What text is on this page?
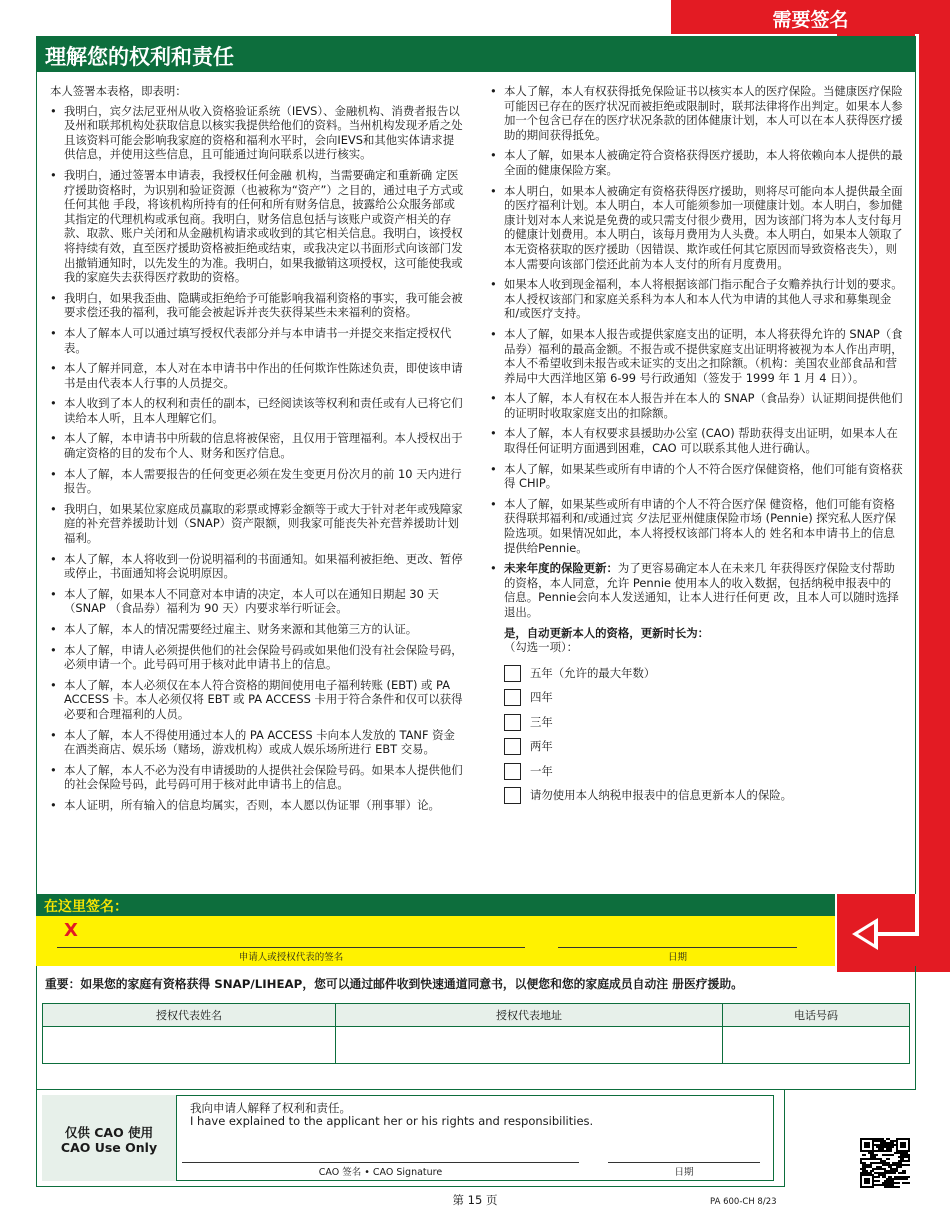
需要签名
理解您的权利和责任
本人签署本表格，即表明：
• 我明白，宾夕法尼亚州从收入资格验证系统（IEVS）、金融机构、消费者报告以及州和联邦机构处获取信息以核实我提供给他们的资料。当州机构发现矛盾之处且该资料可能会影响我家庭的资格和福利水平时，会向IEVS和其他实体请求提供信息，并使用这些信息，且可能通过询问联系以进行核实。
• 我明白，通过签署本申请表，我授权任何金融 机构，当需要确定和重新确 定医疗援助资格时，为识别和验证资源（也被称为“资产”）之目的，通过电子方式或任何其他 手段，将该机构所持有的任何和所有财务信息，披露给公众服务部或其指定的代理机构或承包商。我明白，财务信息包括与该账户或资产相关的存款、取款、账户关闭和从金融机构请求或收到的其它相关信息。我明白，该授权将持续有效，直至医疗援助资格被拒绝或结束，或我决定以书面形式向该部门发出撤销通知时，以先发生的为准。我明白，如果我撤销这项授权，这可能使我或我的家庭失去获得医疗救助的资格。
• 我明白，如果我歪曲、隐瞒或拒绝给予可能影响我福利资格的事实，我可能会被要求偿还我的福利，我可能会被起诉并丧失获得某些未来福利的资格。
• 本人了解本人可以通过填写授权代表部分并与本申请书一并提交来指定授权代表。
• 本人了解并同意，本人对在本申请书中作出的任何欺诈性陈述负责，即使该申请书是由代表本人行事的人员提交。
• 本人收到了本人的权利和责任的副本，已经阅读该等权利和责任或有人已将它们读给本人听，且本人理解它们。
• 本人了解，本申请书中所载的信息将被保密，且仅用于管理福利。本人授权出于确定资格的目的发布个人、财务和医疗信息。
• 本人了解，本人需要报告的任何变更必须在发生变更月份次月的前 10 天内进行报告。
• 我明白，如果某位家庭成员赢取的彩票或博彩金额等于或大于针对老年或残障家庭的补充营养援助计划（SNAP）资产限额，则我家可能丧失补充营养援助计划福利。
• 本人了解，本人将收到一份说明福利的书面通知。如果福利被拒绝、更改、暂停或停止，书面通知将会说明原因。
• 本人了解，如果本人不同意对本申请的决定，本人可以在通知日期起 30 天（SNAP （食品券）福利为 90 天）内要求举行听证会。
• 本人了解，本人的情况需要经过雇主、财务来源和其他第三方的认证。
• 本人了解，申请人必须提供他们的社会保险号码或如果他们没有社会保险号码，必须申请一个。此号码可用于核对此申请书上的信息。
• 本人了解，本人必须仅在本人符合资格的期间使用电子福利转账 (EBT) 或 PA ACCESS 卡。本人必须仅将 EBT 或 PA ACCESS 卡用于符合条件和仅可以获得必要和合理福利的人员。
• 本人了解，本人不得使用通过本人的 PA ACCESS 卡向本人发放的 TANF 资金在酒类商店、娱乐场（赌场，游戏机构）或成人娱乐场所进行 EBT 交易。
• 本人了解，本人不必为没有申请援助的人提供社会保险号码。如果本人提供他们的社会保险号码，此号码可用于核对此申请书上的信息。
• 本人证明，所有输入的信息均属实，否则，本人愿以伪证罪（刑事罪）论。
• 本人了解，本人有权获得抵免保险证书以核实本人的医疗保险。当健康医疗保险可能因已存在的医疗状况而被拒绝或限制时，联邦法律将作出判定。如果本人参加一个包含已存在的医疗状况条款的团体健康计划，本人可以在本人获得医疗援助的期间获得抵免。
• 本人了解，如果本人被确定符合资格获得医疗援助，本人将依赖向本人提供的最全面的健康保险方案。
• 本人明白，如果本人被确定有资格获得医疗援助，则将尽可能向本人提供最全面的医疗福利计划。本人明白，本人可能须参加一项健康计划。本人明白，参加健康计划对本人来说是免费的或只需支付很少费用，因为该部门将为本人支付每月的健康计划费用。本人明白，该每月费用为人头费。本人明白，如果本人领取了本无资格获取的医疗援助（因错误、欺诈或任何其它原因而导致资格丧失），则本人需要向该部门偿还此前为本人支付的所有月度费用。
• 如果本人收到现金福利，本人将根据该部门指示配合子女赡养执行计划的要求。本人授权该部门和家庭关系科为本人和本人代为申请的其他人寻求和募集现金和/或医疗支持。
• 本人了解，如果本人报告或提供家庭支出的证明，本人将获得允许的 SNAP（食品券）福利的最高金额。不报告或不提供家庭支出证明将被视为本人作出声明，本人不希望收到未报告或未证实的支出之扣除额。（机构：美国农业部食品和营养局中大西洋地区第 6-99 号行政通知（签发于 1999 年 1 月 4 日））。
• 本人了解，本人有权在本人报告并在本人的 SNAP（食品券）认证期间提供他们的证明时收取家庭支出的扣除额。
• 本人了解，本人有权要求县援助办公室 (CAO) 帮助获得支出证明，如果本人在取得任何证明方面遇到困难，CAO 可以联系其他人进行确认。
• 本人了解，如果某些或所有申请的个人不符合医疗保健资格，他们可能有资格获得 CHIP。
• 本人了解，如果某些或所有申请的个人不符合医疗保 健资格，他们可能有资格获得联邦福利和/或通过宾 夕法尼亚州健康保险市场 (Pennie) 探究私人医疗保 险选项。如果情况如此，本人将授权该部门将本人的 姓名和本申请书上的信息提供给Pennie。
• 未来年度的保险更新：为了更容易确定本人在未来几 年获得医疗保险支付帮助 的资格，本人同意，允许 Pennie 使用本人的收入数据，包括纳税申报表中的 信息。Pennie会向本人发送通知，让本人进行任何更 改，且本人可以随时选择退出。
是，自动更新本人的资格，更新时长为：
（勾选一项）：
五年（允许的最大年数）
四年
三年
两年
一年
请勿使用本人纳税申报表中的信息更新本人的保险。
在这里签名：
X
申请人或授权代表的签名	日期
重要：如果您的家庭有资格获得 SNAP/LIHEAP，您可以通过邮件收到快速通道同意书，以便您和您的家庭成员自动注 册医疗援助。
授权代表姓名	授权代表地址	电话号码

仅供 CAO 使用
CAO Use Only
我向申请人解释了权利和责任。
I have explained to the applicant her or his rights and responsibilities.
CAO 签名 • CAO Signature	日期
第 15 页	PA 600-CH 8/23
